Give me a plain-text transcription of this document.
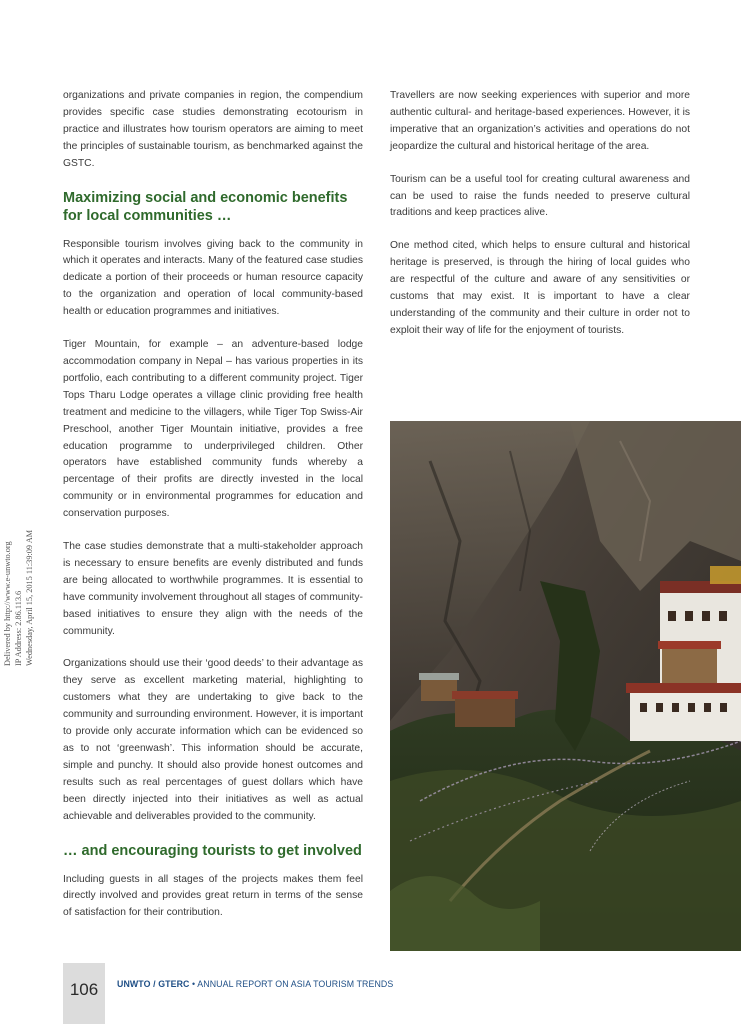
organizations and private companies in region, the compendium provides specific case studies demonstrating ecotourism in practice and illustrates how tourism operators are aiming to meet the principles of sustainable tourism, as benchmarked against the GSTC.

Maximizing social and economic benefits for local communities …

Responsible tourism involves giving back to the community in which it operates and interacts. Many of the featured case studies dedicate a portion of their proceeds or human resource capacity to the organization and operation of local community-based health or education programmes and initiatives.

Tiger Mountain, for example – an adventure-based lodge accommodation company in Nepal – has various properties in its portfolio, each contributing to a different community project. Tiger Tops Tharu Lodge operates a village clinic providing free health treatment and medicine to the villagers, while Tiger Top Swiss-Air Preschool, another Tiger Mountain initiative, provides a free education programme to underprivileged children. Other operators have established community funds whereby a percentage of their profits are directly invested in the local community or in environmental programmes for education and conservation purposes.

The case studies demonstrate that a multi-stakeholder approach is necessary to ensure benefits are evenly distributed and funds are being allocated to worthwhile programmes. It is essential to have community involvement throughout all stages of community-based initiatives to ensure they align with the needs of the community.

Organizations should use their ‘good deeds’ to their advantage as they serve as excellent marketing material, highlighting to customers what they are undertaking to give back to the community and surrounding environment. However, it is important to provide only accurate information which can be evidenced so as to not ‘greenwash’. This information should be accurate, simple and punchy. It should also provide honest outcomes and results such as real percentages of guest dollars which have been directly injected into their initiatives as well as actual achievable and deliverables provided to the community.

… and encouraging tourists to get involved

Including guests in all stages of the projects makes them feel directly involved and provides great return in terms of the sense of satisfaction for their contribution.

Travellers are now seeking experiences with superior and more authentic cultural- and heritage-based experiences. However, it is imperative that an organization’s activities and operations do not jeopardize the cultural and historical heritage of the area.

Tourism can be a useful tool for creating cultural awareness and can be used to raise the funds needed to preserve cultural traditions and keep practices alive.

One method cited, which helps to ensure cultural and historical heritage is preserved, is through the hiring of local guides who are respectful of the culture and aware of any sensitivities or customs that may exist. It is important to have a clear understanding of the community and their culture in order not to exploit their way of life for the enjoyment of tourists.

Delivered by http://www.e-unwto.org IP Address: 2.86.113.6 Wednesday, April 15, 2015 11:39:09 AM
106	UNWTO / GTERC • ANNUAL REPORT ON ASIA TOURISM TRENDS
